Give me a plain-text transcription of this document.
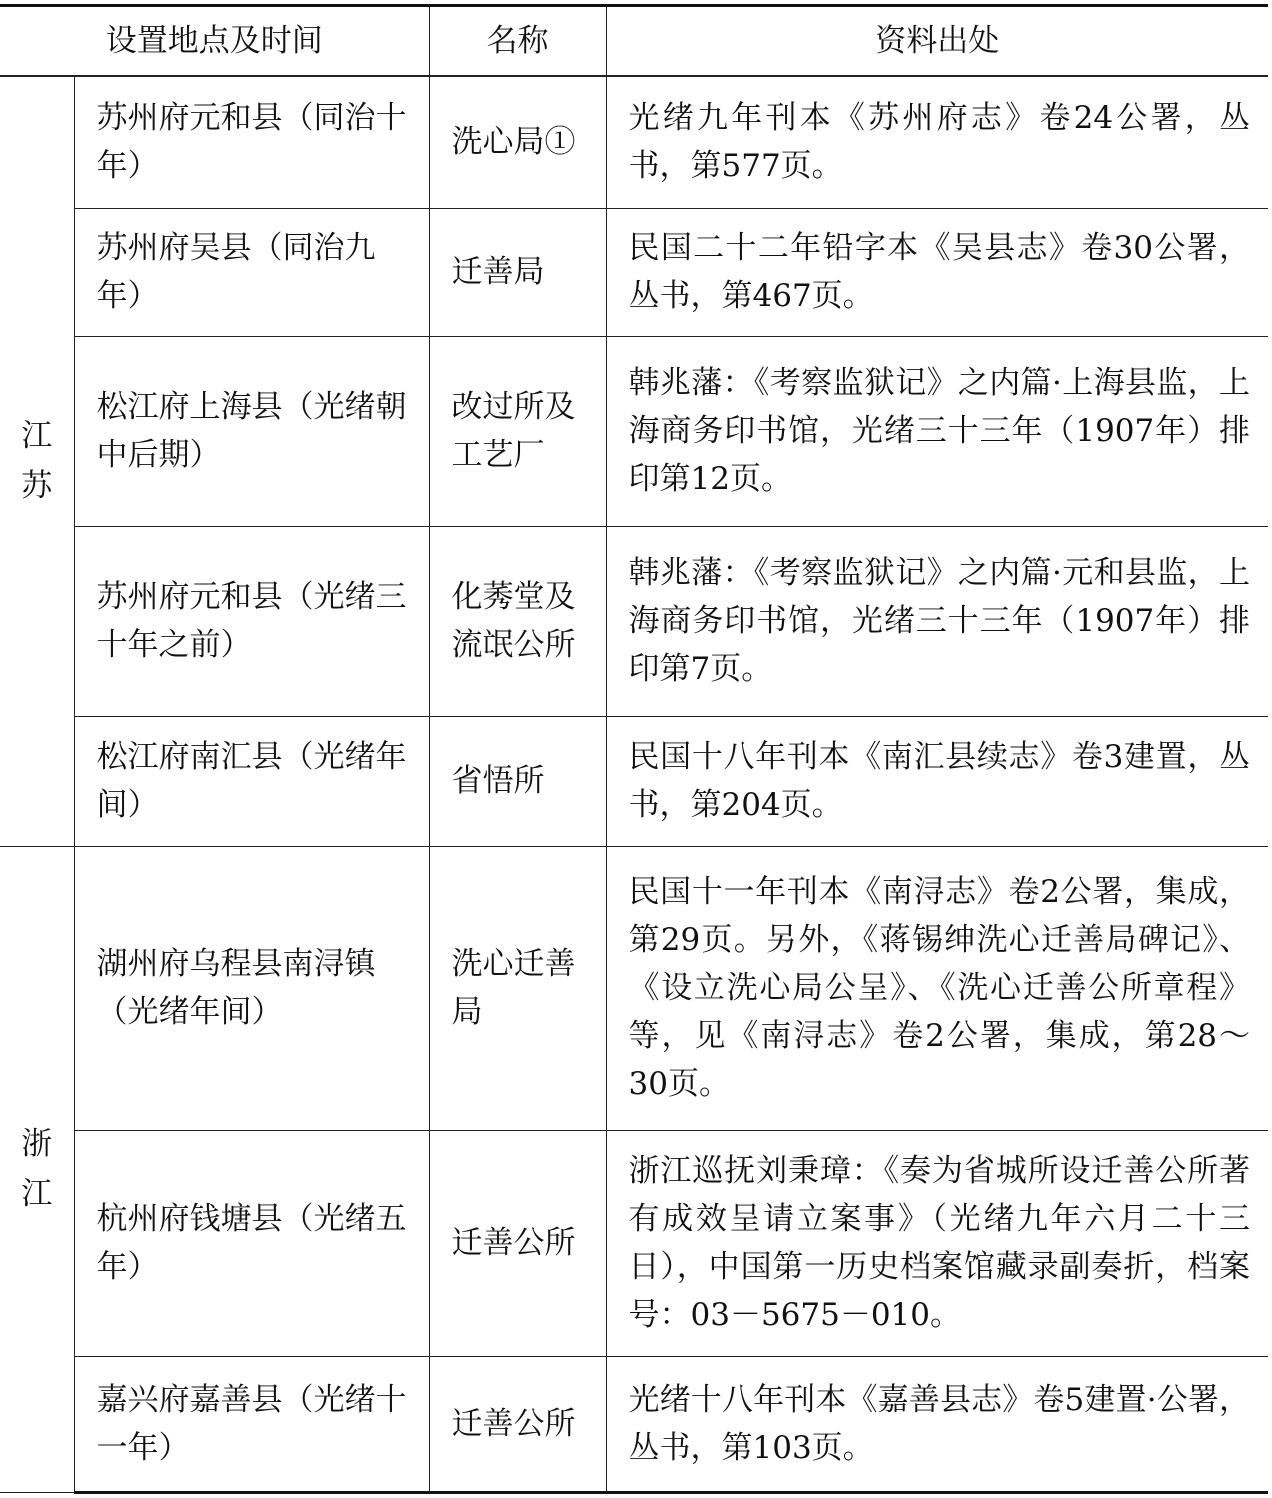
设置地点及时间		名称	资料出处

江
苏	苏州府元和县（同治十年）	洗心局①	光绪九年刊本《苏州府志》卷24公署，丛书，第577页。
	苏州府吴县（同治九年）	迁善局	民国二十二年铅字本《吴县志》卷30公署，丛书，第467页。
	松江府上海县（光绪朝中后期）	改过所及工艺厂	韩兆藩：《考察监狱记》之内篇·上海县监，上海商务印书馆，光绪三十三年（1907年）排印第12页。
	苏州府元和县（光绪三十年之前）	化莠堂及流氓公所	韩兆藩：《考察监狱记》之内篇·元和县监，上海商务印书馆，光绪三十三年（1907年）排印第7页。
	松江府南汇县（光绪年间）	省悟所	民国十八年刊本《南汇县续志》卷3建置，丛书，第204页。

浙
江	湖州府乌程县南浔镇（光绪年间）	洗心迁善局	民国十一年刊本《南浔志》卷2公署，集成，第29页。另外，《蒋锡绅洗心迁善局碑记》、《设立洗心局公呈》、《洗心迁善公所章程》等，见《南浔志》卷2公署，集成，第28～30页。
	杭州府钱塘县（光绪五年）	迁善公所	浙江巡抚刘秉璋：《奏为省城所设迁善公所著有成效呈请立案事》（光绪九年六月二十三日），中国第一历史档案馆藏录副奏折，档案号：03－5675－010。
	嘉兴府嘉善县（光绪十一年）	迁善公所	光绪十八年刊本《嘉善县志》卷5建置·公署，丛书，第103页。
